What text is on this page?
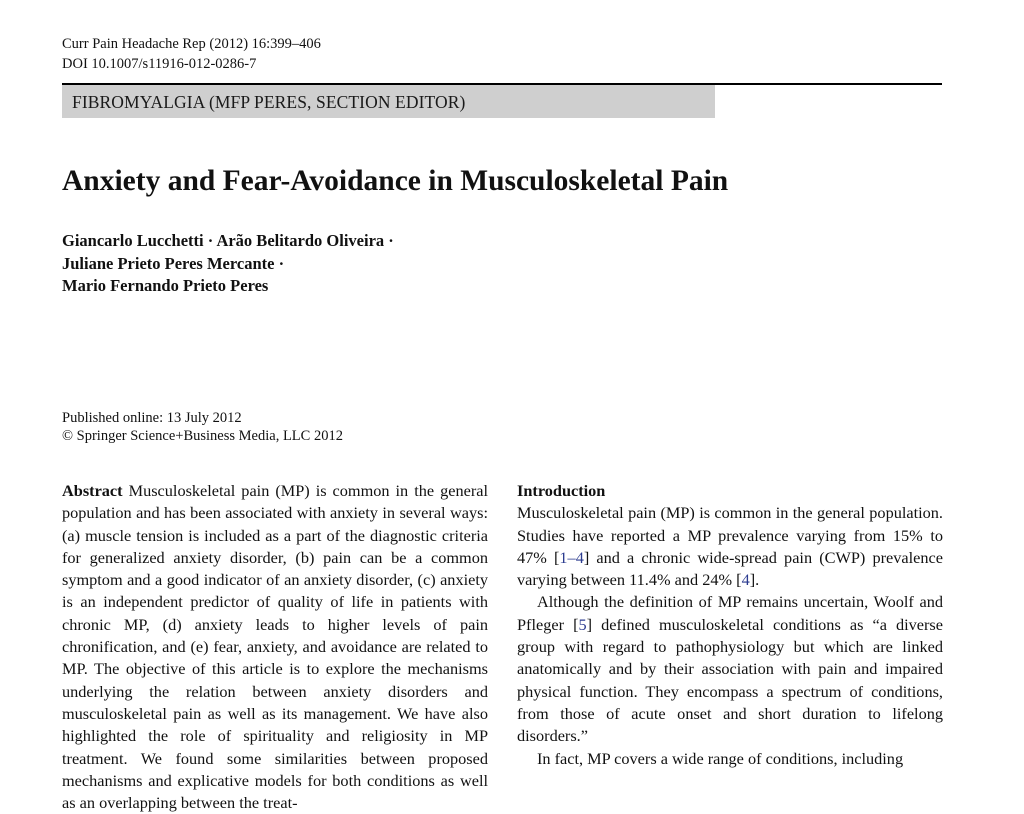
Curr Pain Headache Rep (2012) 16:399–406
DOI 10.1007/s11916-012-0286-7
FIBROMYALGIA (MFP PERES, SECTION EDITOR)
Anxiety and Fear-Avoidance in Musculoskeletal Pain
Giancarlo Lucchetti · Arão Belitardo Oliveira ·
Juliane Prieto Peres Mercante ·
Mario Fernando Prieto Peres
Published online: 13 July 2012
© Springer Science+Business Media, LLC 2012

Abstract Musculoskeletal pain (MP) is common in the general population and has been associated with anxiety in several ways: (a) muscle tension is included as a part of the diagnostic criteria for generalized anxiety disorder, (b) pain can be a common symptom and a good indicator of an anxiety disorder, (c) anxiety is an independent predictor of quality of life in patients with chronic MP, (d) anxiety leads to higher levels of pain chronification, and (e) fear, anxiety, and avoidance are related to MP. The objective of this article is to explore the mechanisms underlying the relation between anxiety disorders and musculoskeletal pain as well as its management. We have also highlighted the role of spirituality and religiosity in MP treatment. We found some similarities between proposed mechanisms and explicative models for both conditions as well as an overlapping between the treat-

Introduction

Musculoskeletal pain (MP) is common in the general population. Studies have reported a MP prevalence varying from 15% to 47% [1–4] and a chronic wide-spread pain (CWP) prevalence varying between 11.4% and 24% [4].

Although the definition of MP remains uncertain, Woolf and Pfleger [5] defined musculoskeletal conditions as “a diverse group with regard to pathophysiology but which are linked anatomically and by their association with pain and impaired physical function. They encompass a spectrum of conditions, from those of acute onset and short duration to lifelong disorders.”

In fact, MP covers a wide range of conditions, including
